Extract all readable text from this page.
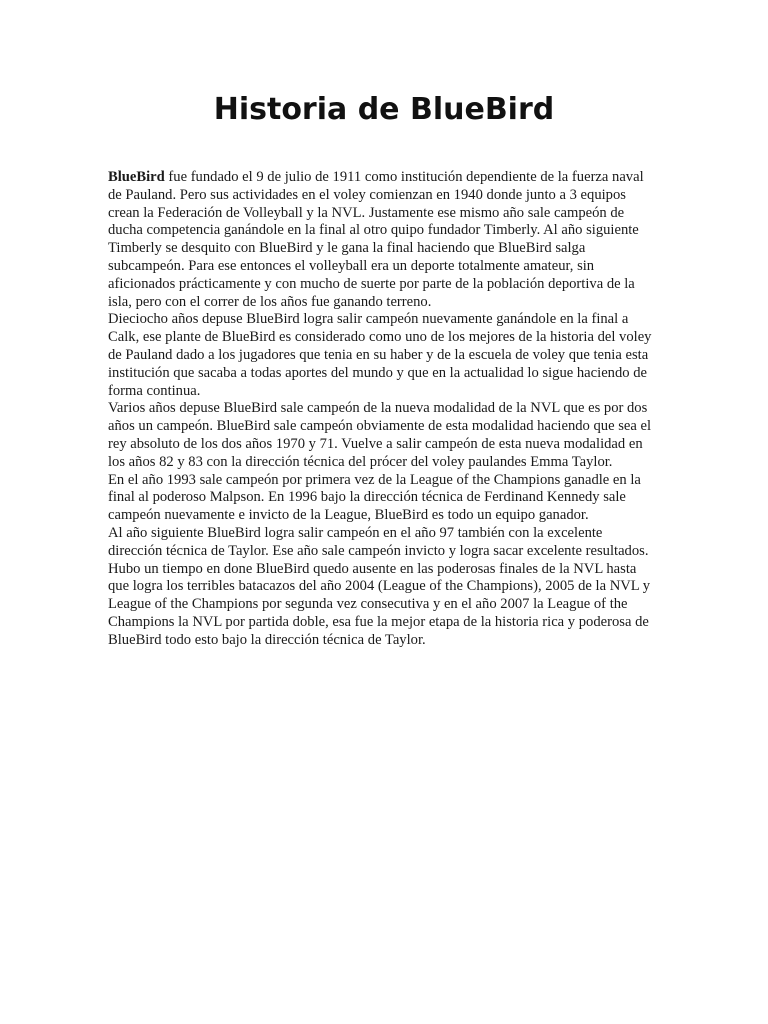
Historia de BlueBird

BlueBird fue fundado el 9 de julio de 1911 como institución dependiente de la fuerza naval de Pauland. Pero sus actividades en el voley comienzan en 1940 donde junto a 3 equipos crean la Federación de Volleyball y la NVL. Justamente ese mismo año sale campeón de ducha competencia ganándole en la final al otro quipo fundador Timberly. Al año siguiente Timberly se desquito con BlueBird y le gana la final haciendo que BlueBird salga subcampeón. Para ese entonces el volleyball era un deporte totalmente amateur, sin aficionados prácticamente y con mucho de suerte por parte de la población deportiva de la isla, pero con el correr de los años fue ganando terreno.

Dieciocho años depuse BlueBird logra salir campeón nuevamente ganándole en la final a Calk, ese plante de BlueBird es considerado como uno de los mejores de la historia del voley de Pauland dado a los jugadores que tenia en su haber y de la escuela de voley que tenia esta institución que sacaba a todas aportes del mundo y que en la actualidad lo sigue haciendo de forma continua.

Varios años depuse BlueBird sale campeón de la nueva modalidad de la NVL que es por dos años un campeón. BlueBird sale campeón obviamente de esta modalidad haciendo que sea el rey absoluto de los dos años 1970 y 71. Vuelve a salir campeón de esta nueva modalidad en los años 82 y 83 con la dirección técnica del prócer del voley paulandes Emma Taylor.

En el año 1993 sale campeón por primera vez de la League of the Champions ganadle en la final al poderoso Malpson. En 1996 bajo la dirección técnica de Ferdinand Kennedy sale campeón nuevamente e invicto de la League, BlueBird es todo un equipo ganador.

Al año siguiente BlueBird logra salir campeón en el año 97 también con la excelente dirección técnica de Taylor. Ese año sale campeón invicto y logra sacar excelente resultados.

Hubo un tiempo en done BlueBird quedo ausente en las poderosas finales de la NVL hasta que logra los terribles batacazos del año 2004 (League of the Champions), 2005 de la NVL y League of the Champions por segunda vez consecutiva y en el año 2007 la League of the Champions la NVL por partida doble, esa fue la mejor etapa de la historia rica y poderosa de BlueBird todo esto bajo la dirección técnica de Taylor.
